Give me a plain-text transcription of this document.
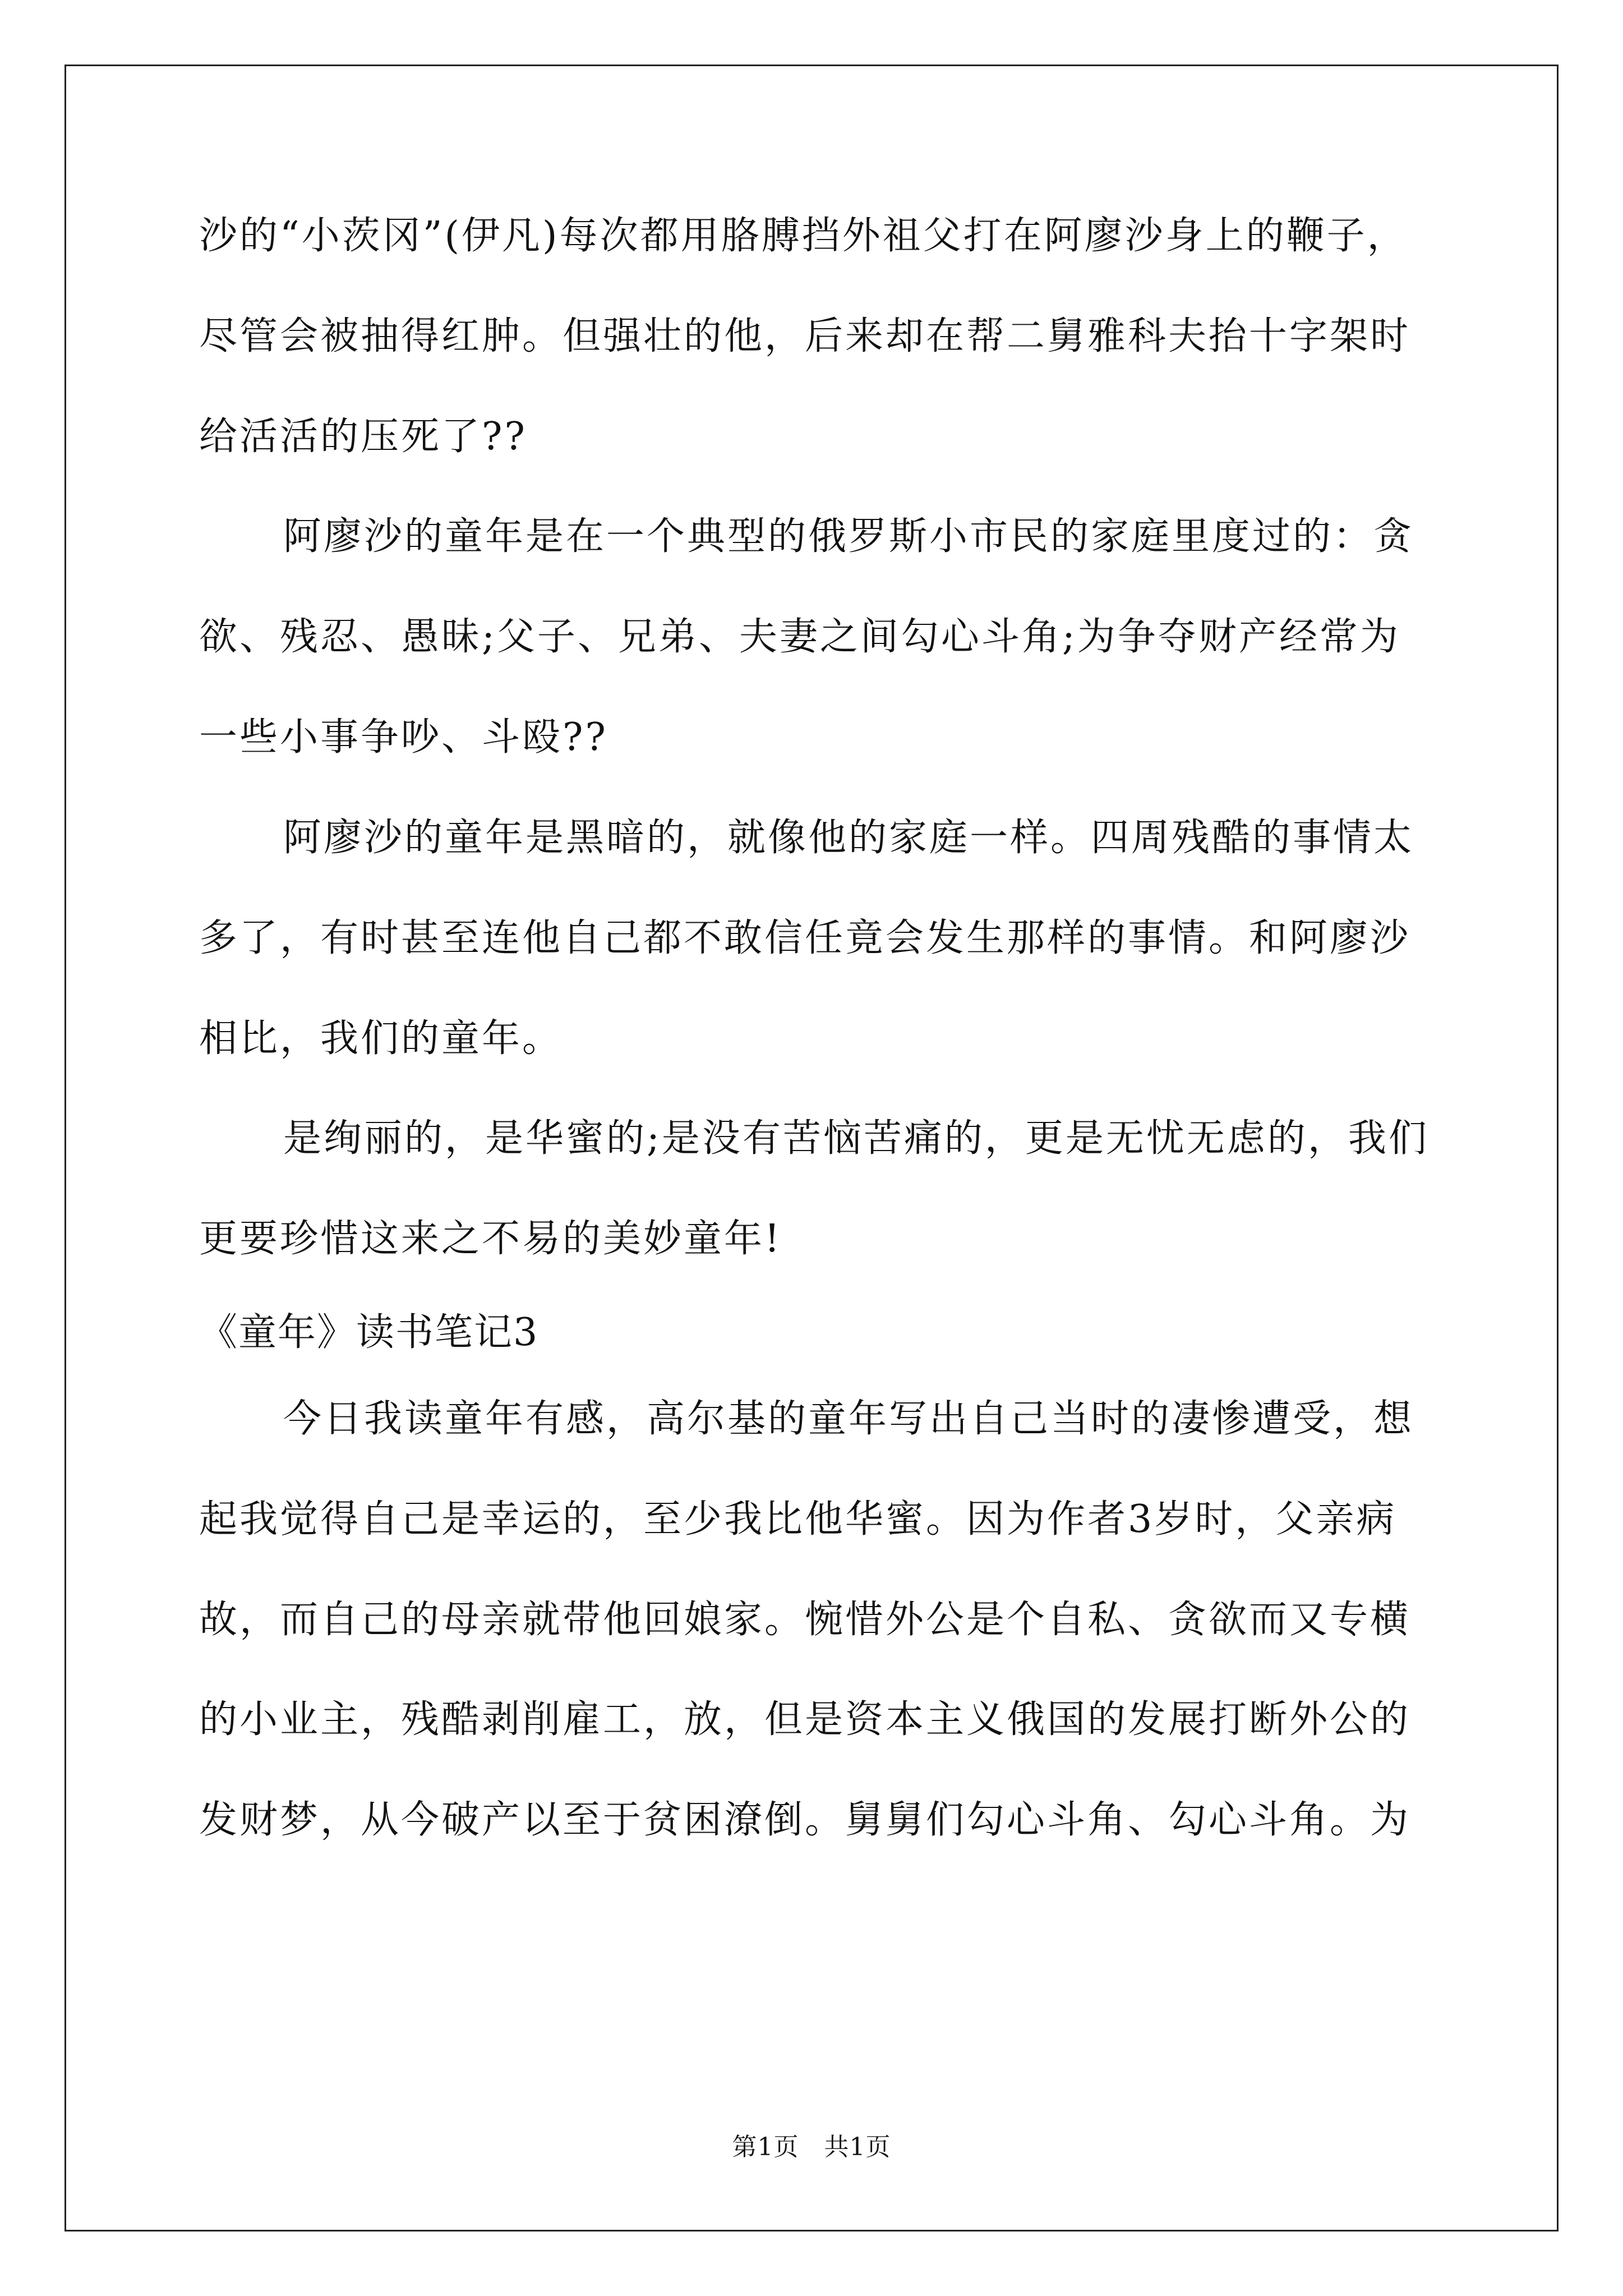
沙的“小茨冈”(伊凡)每次都用胳膊挡外祖父打在阿廖沙身上的鞭子，
尽管会被抽得红肿。但强壮的他，后来却在帮二舅雅科夫抬十字架时
给活活的压死了??
阿廖沙的童年是在一个典型的俄罗斯小市民的家庭里度过的：贪
欲、残忍、愚昧;父子、兄弟、夫妻之间勾心斗角;为争夺财产经常为
一些小事争吵、斗殴??
阿廖沙的童年是黑暗的，就像他的家庭一样。四周残酷的事情太
多了，有时甚至连他自己都不敢信任竟会发生那样的事情。和阿廖沙
相比，我们的童年。
是绚丽的，是华蜜的;是没有苦恼苦痛的，更是无忧无虑的，我们
更要珍惜这来之不易的美妙童年!
《童年》读书笔记3
今日我读童年有感，高尔基的童年写出自己当时的凄惨遭受，想
起我觉得自己是幸运的，至少我比他华蜜。因为作者3岁时，父亲病
故，而自己的母亲就带他回娘家。惋惜外公是个自私、贪欲而又专横
的小业主，残酷剥削雇工，放，但是资本主义俄国的发展打断外公的
发财梦，从今破产以至于贫困潦倒。舅舅们勾心斗角、勾心斗角。为
第1页   共1页
